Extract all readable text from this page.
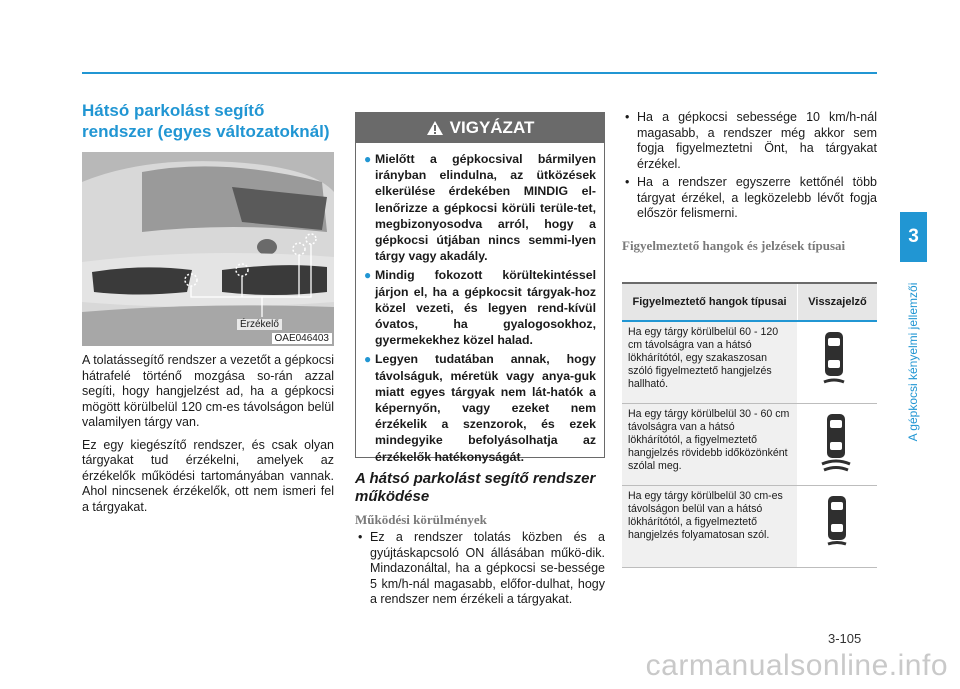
Hátsó parkolást segítő rendszer (egyes változatoknál)
Érzékelő
OAE046403

A tolatássegítő rendszer a vezetőt a gépkocsi hátrafelé történő mozgása so-rán azzal segíti, hogy hangjelzést ad, ha a gépkocsi mögött körülbelül 120 cm-es távolságon belül valamilyen tárgy van.

Ez egy kiegészítő rendszer, és csak olyan tárgyakat tud érzékelni, amelyek az érzékelők működési tartományában vannak. Ahol nincsenek érzékelők, ott nem ismeri fel a tárgyakat.

VIGYÁZAT
● Mielőtt a gépkocsival bármilyen irányban elindulna, az ütközések elkerülése érdekében MINDIG el-lenőrizze a gépkocsi körüli terüle-tet, megbizonyosodva arról, hogy a gépkocsi útjában nincs semmi-lyen tárgy vagy akadály.
● Mindig fokozott körültekintéssel járjon el, ha a gépkocsit tárgyak-hoz közel vezeti, és legyen rend-kívül óvatos, ha gyalogosokhoz, gyermekekhez közel halad.
● Legyen tudatában annak, hogy távolságuk, méretük vagy anya-guk miatt egyes tárgyak nem lát-hatók a képernyőn, vagy ezeket nem érzékelik a szenzorok, és ezek mindegyike befolyásolhatja az érzékelők hatékonyságát.
A hátsó parkolást segítő rendszer működése
Működési körülmények
• Ez a rendszer tolatás közben és a gyújtáskapcsoló ON állásában műkö-dik. Mindazonáltal, ha a gépkocsi se-bessége 5 km/h-nál magasabb, előfor-dulhat, hogy a rendszer nem érzékeli a tárgyakat.
• Ha a gépkocsi sebessége 10 km/h-nál magasabb, a rendszer még akkor sem fogja figyelmeztetni Önt, ha tárgyakat érzékel.
• Ha a rendszer egyszerre kettőnél több tárgyat érzékel, a legközelebb lévőt fogja először felismerni.
Figyelmeztető hangok és jelzések típusai
Figyelmeztető hangok típusai	Visszajelző
Ha egy tárgy körülbelül 60 - 120 cm távolságra van a hátsó lökhárítótól, egy szakaszosan szóló figyelmeztető hangjelzés hallható.
Ha egy tárgy körülbelül 30 - 60 cm távolságra van a hátsó lökhárítótól, a figyelmeztető hangjelzés rövidebb időközönként szólal meg.
Ha egy tárgy körülbelül 30 cm-es távolságon belül van a hátsó lökhárítótól, a figyelmeztető hangjelzés folyamatosan szól.
3
A gépkocsi kényelmi jellemzői
3-105
carmanualsonline.info
